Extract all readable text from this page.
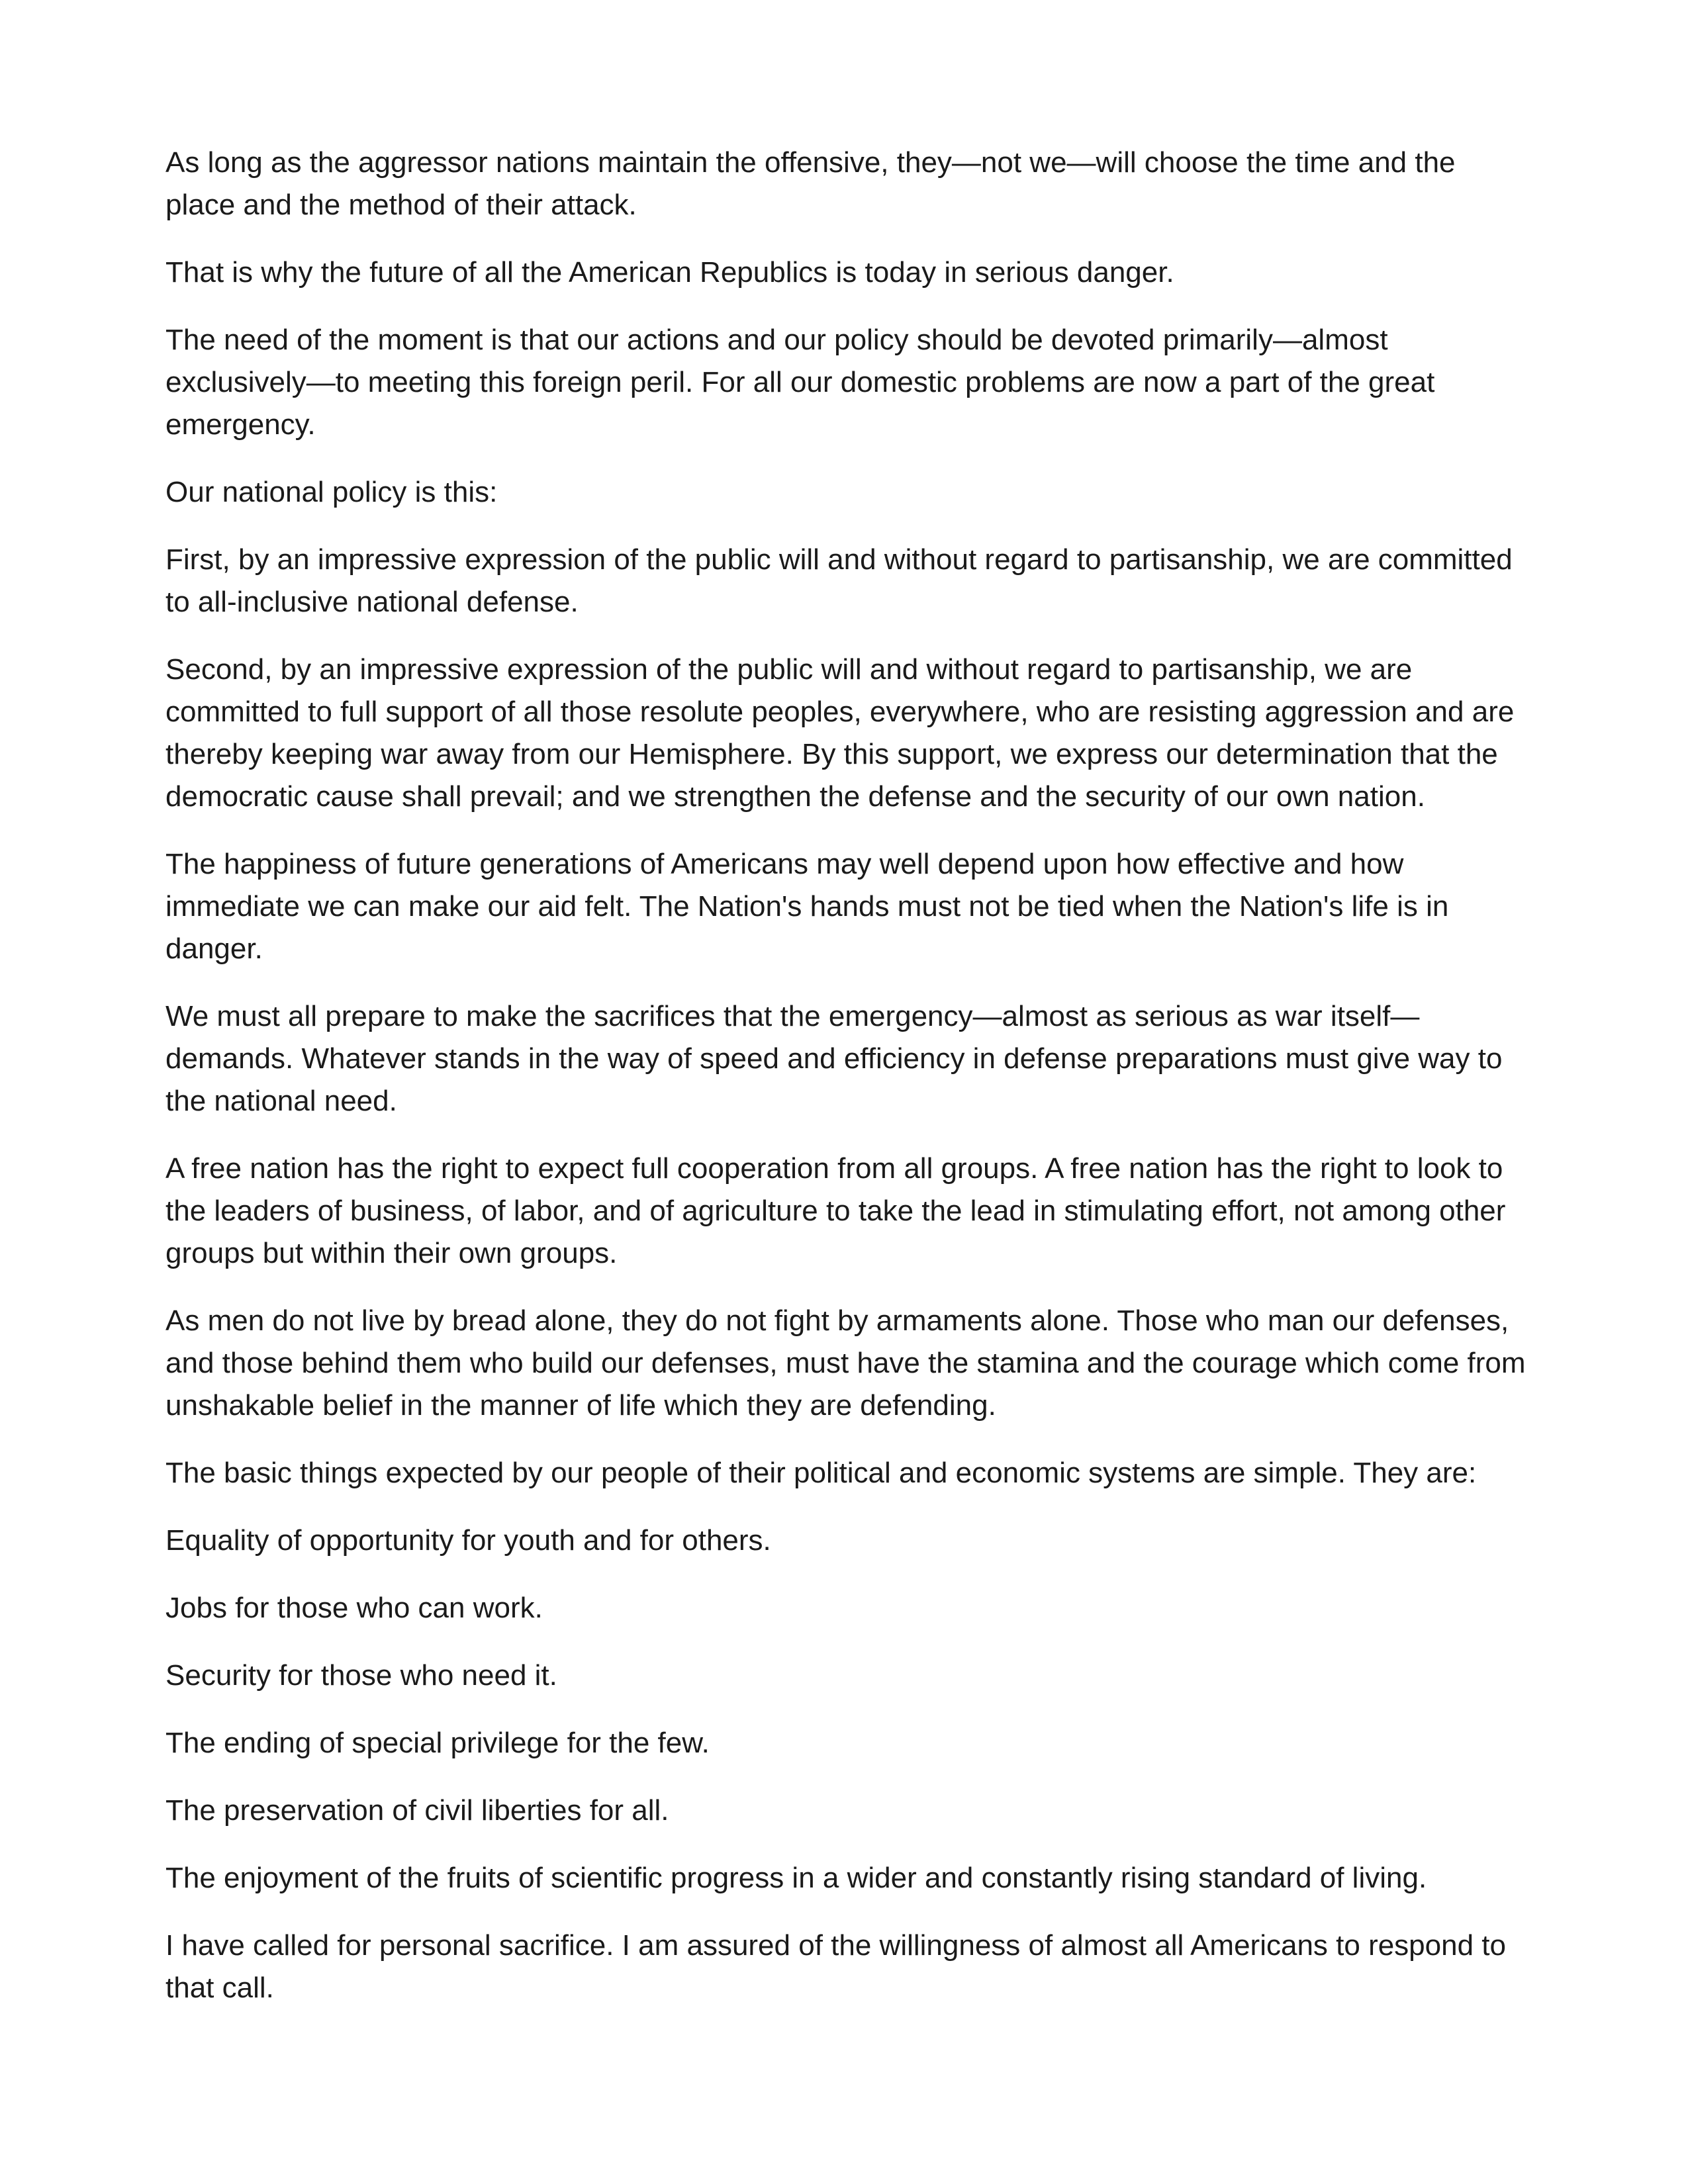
As long as the aggressor nations maintain the offensive, they—not we—will choose the time and the place and the method of their attack.

That is why the future of all the American Republics is today in serious danger.

The need of the moment is that our actions and our policy should be devoted primarily—almost exclusively—to meeting this foreign peril. For all our domestic problems are now a part of the great emergency.

Our national policy is this:

First, by an impressive expression of the public will and without regard to partisanship, we are committed to all-inclusive national defense.

Second, by an impressive expression of the public will and without regard to partisanship, we are committed to full support of all those resolute peoples, everywhere, who are resisting aggression and are thereby keeping war away from our Hemisphere. By this support, we express our determination that the democratic cause shall prevail; and we strengthen the defense and the security of our own nation.

The happiness of future generations of Americans may well depend upon how effective and how immediate we can make our aid felt. The Nation's hands must not be tied when the Nation's life is in danger.

We must all prepare to make the sacrifices that the emergency—almost as serious as war itself—demands. Whatever stands in the way of speed and efficiency in defense preparations must give way to the national need.

A free nation has the right to expect full cooperation from all groups. A free nation has the right to look to the leaders of business, of labor, and of agriculture to take the lead in stimulating effort, not among other groups but within their own groups.

As men do not live by bread alone, they do not fight by armaments alone. Those who man our defenses, and those behind them who build our defenses, must have the stamina and the courage which come from unshakable belief in the manner of life which they are defending.

The basic things expected by our people of their political and economic systems are simple. They are:

Equality of opportunity for youth and for others.

Jobs for those who can work.

Security for those who need it.

The ending of special privilege for the few.

The preservation of civil liberties for all.

The enjoyment of the fruits of scientific progress in a wider and constantly rising standard of living.

I have called for personal sacrifice. I am assured of the willingness of almost all Americans to respond to that call.
